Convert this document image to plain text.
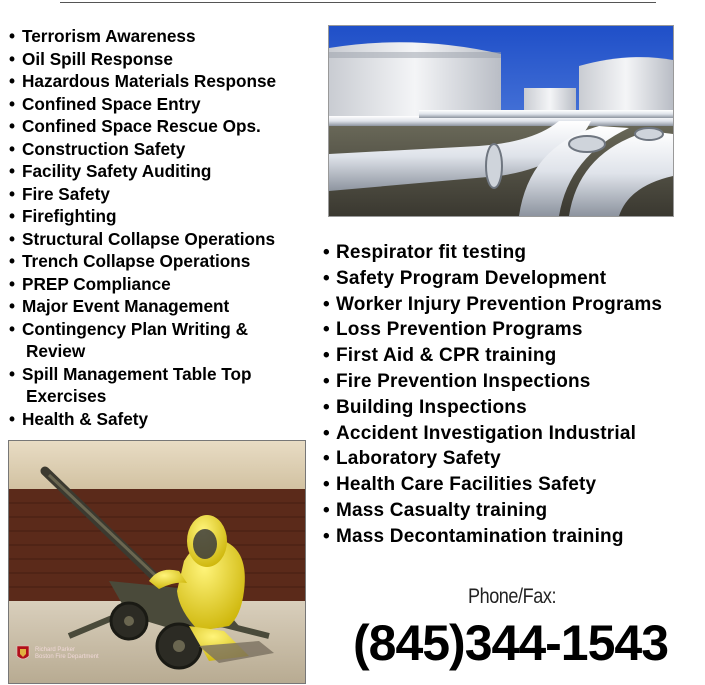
• Terrorism Awareness
• Oil Spill Response
• Hazardous Materials Response
• Confined Space Entry
• Confined Space Rescue Ops.
• Construction Safety
• Facility Safety Auditing
• Fire Safety
• Firefighting
• Structural Collapse Operations
• Trench Collapse Operations
• PREP Compliance
• Major Event Management
• Contingency Plan Writing &
Review
• Spill Management Table Top
Exercises
• Health & Safety
• Respirator fit testing
• Safety Program Development
• Worker Injury Prevention Programs
• Loss Prevention Programs
• First Aid & CPR training
• Fire Prevention Inspections
• Building Inspections
• Accident Investigation Industrial
• Laboratory Safety
• Health Care Facilities Safety
• Mass Casualty training
• Mass Decontamination training
Richard Parker
Boston Fire Department
Phone/Fax:
(845)344-1543
